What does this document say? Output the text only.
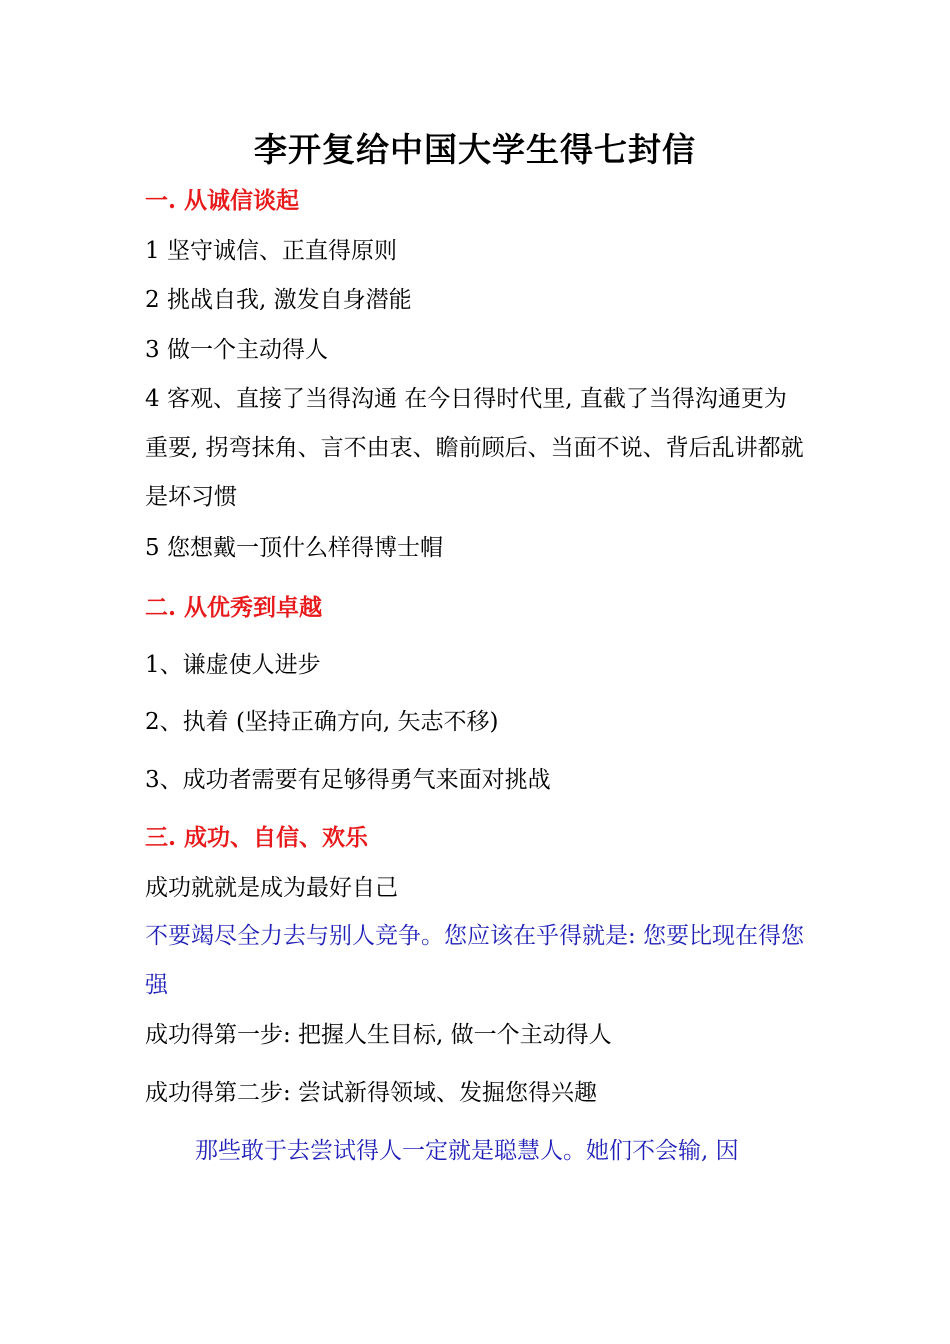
李开复给中国大学生得七封信
一. 从诚信谈起
1 坚守诚信、正直得原则
2 挑战自我, 激发自身潜能
3 做一个主动得人
4 客观、直接了当得沟通 在今日得时代里, 直截了当得沟通更为重要, 拐弯抹角、言不由衷、瞻前顾后、当面不说、背后乱讲都就是坏习惯
5 您想戴一顶什么样得博士帽
二. 从优秀到卓越
1、谦虚使人进步
2、执着 (坚持正确方向, 矢志不移)
3、成功者需要有足够得勇气来面对挑战
三. 成功、自信、欢乐
成功就就是成为最好自己
不要竭尽全力去与别人竞争。您应该在乎得就是: 您要比现在得您强
成功得第一步: 把握人生目标, 做一个主动得人
成功得第二步: 尝试新得领域、发掘您得兴趣
那些敢于去尝试得人一定就是聪慧人。她们不会输, 因
